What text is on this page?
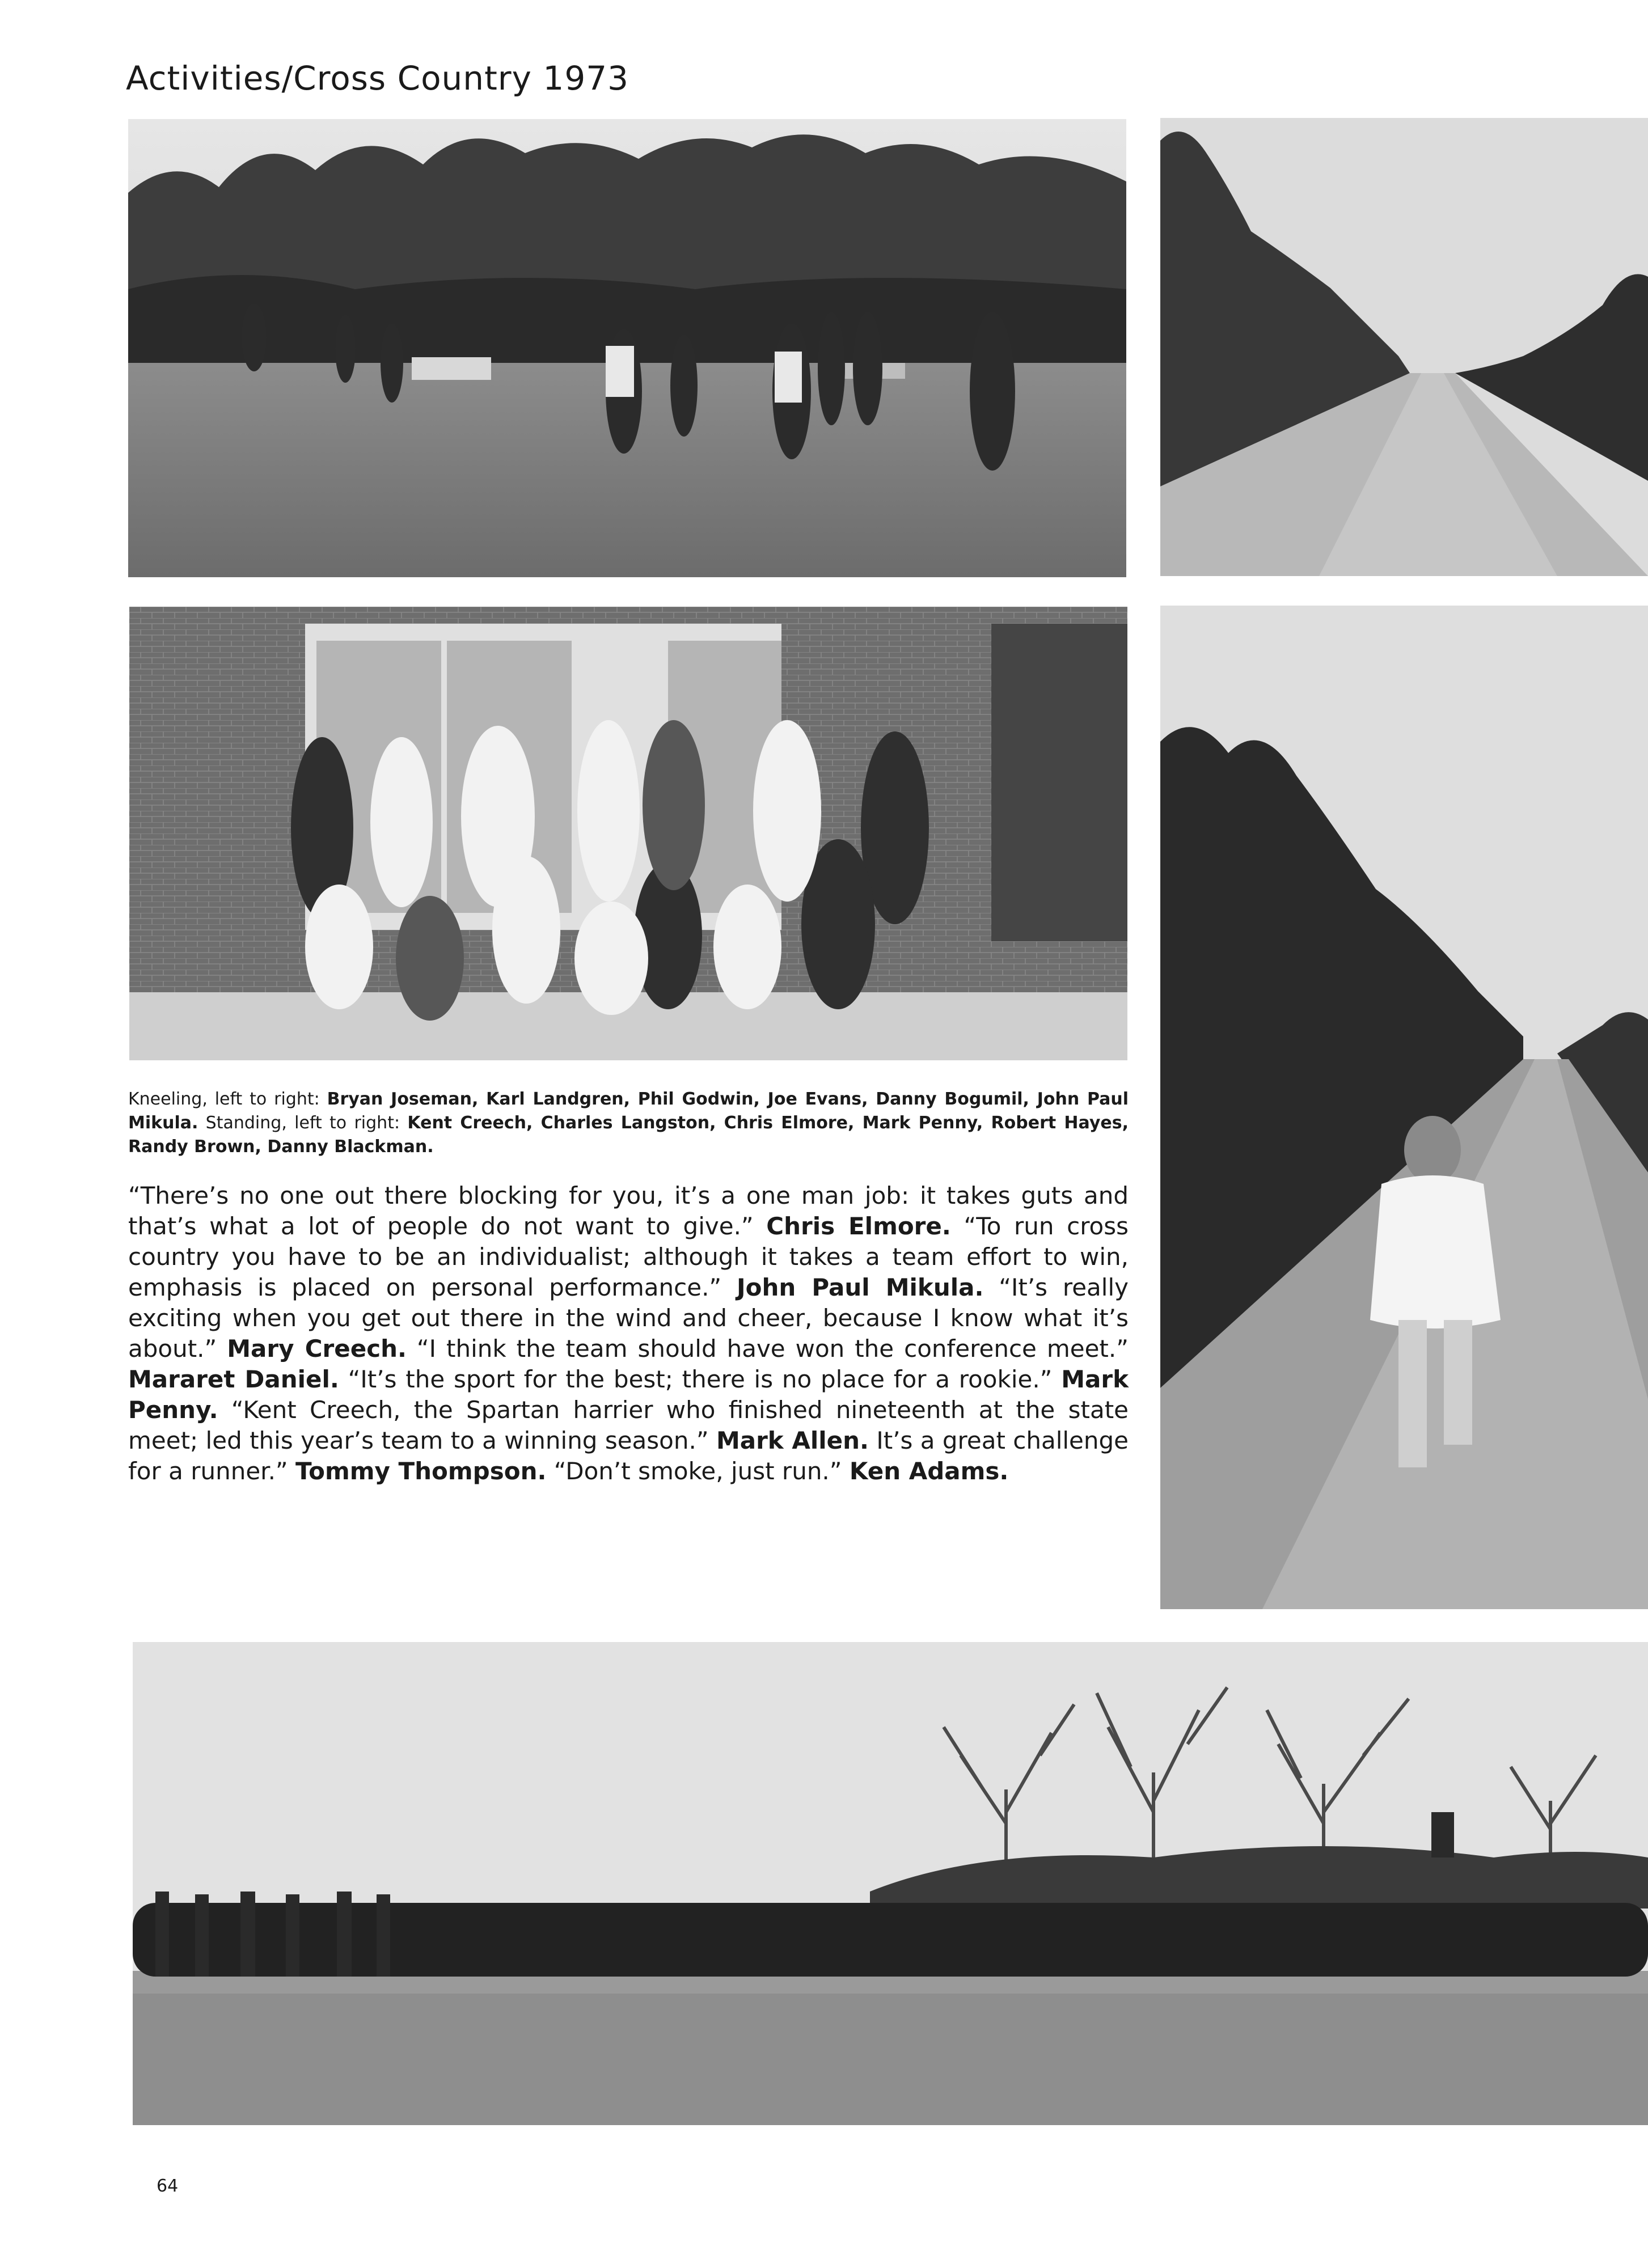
Activities/Cross Country 1973
Kneeling, left to right: Bryan Joseman, Karl Landgren, Phil Godwin, Joe Evans, Danny Bogumil, John Paul Mikula. Standing, left to right: Kent Creech, Charles Langston, Chris Elmore, Mark Penny, Robert Hayes, Randy Brown, Danny Blackman.
“There’s no one out there blocking for you, it’s a one man job: it takes guts and that’s what a lot of people do not want to give.” Chris Elmore. “To run cross country you have to be an individualist; although it takes a team effort to win, emphasis is placed on personal performance.” John Paul Mikula. “It’s really exciting when you get out there in the wind and cheer, because I know what it’s about.” Mary Creech. “I think the team should have won the conference meet.” Mararet Daniel. “It’s the sport for the best; there is no place for a rookie.” Mark Penny. “Kent Creech, the Spartan harrier who finished nineteenth at the state meet; led this year’s team to a winning season.” Mark Allen. It’s a great challenge for a runner.” Tommy Thompson. “Don’t smoke, just run.” Ken Adams.
64
